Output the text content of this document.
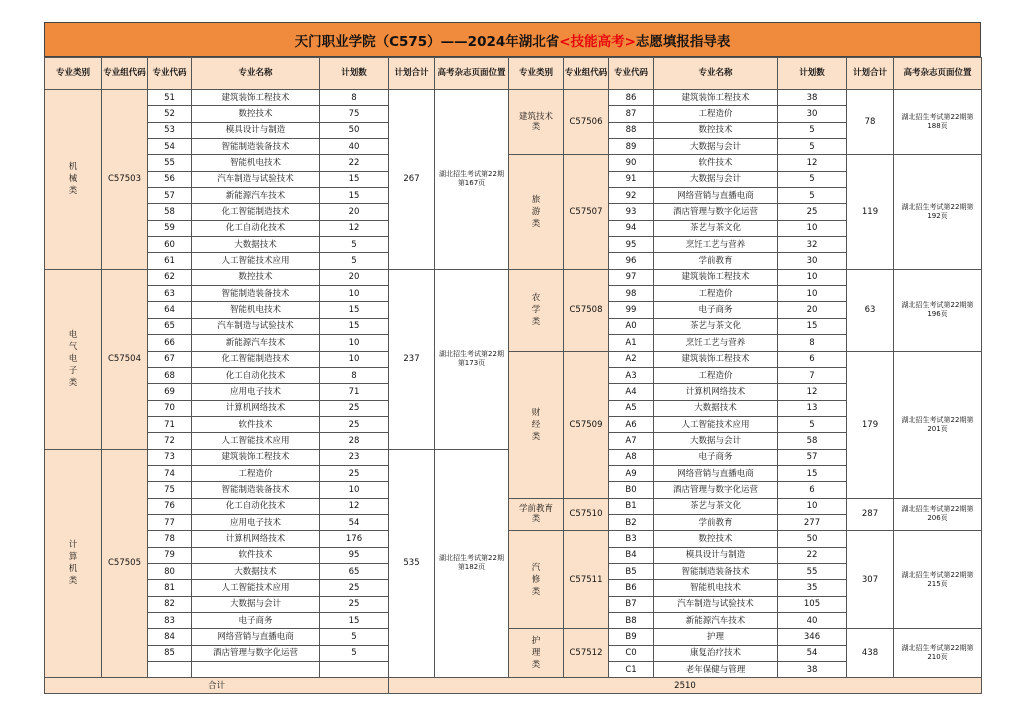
天门职业学院（C575）——2024年湖北省 <技能高考> 志愿填报指导表
专业类别	专业组代码	专业代码	专业名称	计划数	计划合计	高考杂志页面位置	专业类别	专业组代码	专业代码	专业名称	计划数	计划合计	高考杂志页面位置
机械类	C57503	51	建筑装饰工程技术	8	267	湖北招生考试第22期第167页	建筑技术类	C57506	86	建筑装饰工程技术	38	78	湖北招生考试第22期第188页
		52	数控技术	75					87	工程造价	30		
		53	模具设计与制造	50					88	数控技术	5		
		54	智能制造装备技术	40					89	大数据与会计	5		
		55	智能机电技术	22			旅游类	C57507	90	软件技术	12	119	湖北招生考试第22期第192页
		56	汽车制造与试验技术	15					91	大数据与会计	5		
		57	新能源汽车技术	15					92	网络营销与直播电商	5		
		58	化工智能制造技术	20					93	酒店管理与数字化运营	25		
		59	化工自动化技术	12					94	茶艺与茶文化	10		
		60	大数据技术	5					95	烹饪工艺与营养	32		
		61	人工智能技术应用	5					96	学前教育	30		
电气电子类	C57504	62	数控技术	20	237	湖北招生考试第22期第173页	农学类	C57508	97	建筑装饰工程技术	10	63	湖北招生考试第22期第196页
		63	智能制造装备技术	10					98	工程造价	10		
		64	智能机电技术	15					99	电子商务	20		
		65	汽车制造与试验技术	15					A0	茶艺与茶文化	15		
		66	新能源汽车技术	10					A1	烹饪工艺与营养	8		
		67	化工智能制造技术	10			财经类	C57509	A2	建筑装饰工程技术	6	179	湖北招生考试第22期第201页
		68	化工自动化技术	8					A3	工程造价	7		
		69	应用电子技术	71					A4	计算机网络技术	12		
		70	计算机网络技术	25					A5	大数据技术	13		
		71	软件技术	25					A6	人工智能技术应用	5		
		72	人工智能技术应用	28					A7	大数据与会计	58		
计算机类	C57505	73	建筑装饰工程技术	23	535	湖北招生考试第22期第182页			A8	电子商务	57		
		74	工程造价	25					A9	网络营销与直播电商	15		
		75	智能制造装备技术	10					B0	酒店管理与数字化运营	6		
		76	化工自动化技术	12			学前教育类	C57510	B1	茶艺与茶文化	10	287	湖北招生考试第22期第206页
		77	应用电子技术	54					B2	学前教育	277		
		78	计算机网络技术	176			汽修类	C57511	B3	数控技术	50	307	湖北招生考试第22期第215页
		79	软件技术	95					B4	模具设计与制造	22		
		80	大数据技术	65					B5	智能制造装备技术	55		
		81	人工智能技术应用	25					B6	智能机电技术	35		
		82	大数据与会计	25					B7	汽车制造与试验技术	105		
		83	电子商务	15					B8	新能源汽车技术	40		
		84	网络营销与直播电商	5			护理类	C57512	B9	护理	346	438	湖北招生考试第22期第210页
		85	酒店管理与数字化运营	5					C0	康复治疗技术	54		
									C1	老年保健与管理	38		
合计					2510								
